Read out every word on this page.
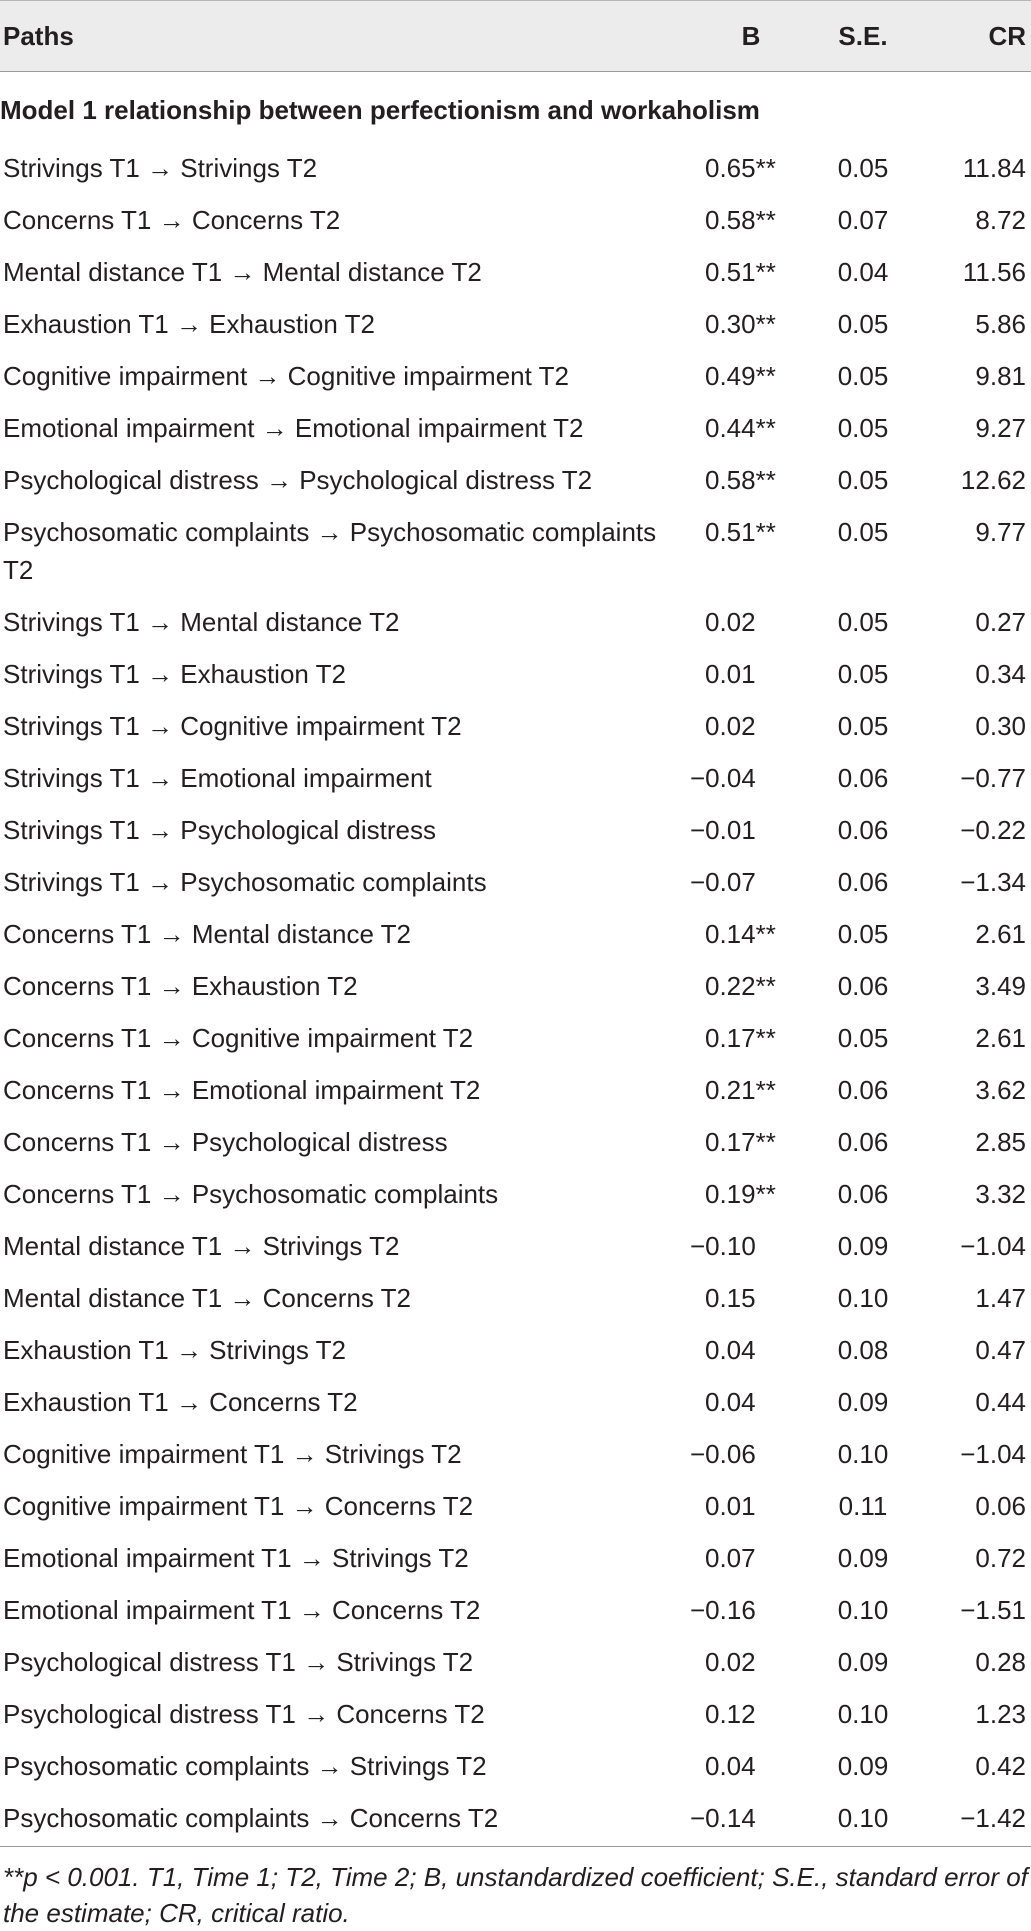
Paths	B	S.E.	CR
Model 1 relationship between perfectionism and workaholism			
Strivings T1 → Strivings T2	0.65**	0.05	11.84
Concerns T1 → Concerns T2	0.58**	0.07	8.72
Mental distance T1 → Mental distance T2	0.51**	0.04	11.56
Exhaustion T1 → Exhaustion T2	0.30**	0.05	5.86
Cognitive impairment → Cognitive impairment T2	0.49**	0.05	9.81
Emotional impairment → Emotional impairment T2	0.44**	0.05	9.27
Psychological distress → Psychological distress T2	0.58**	0.05	12.62
Psychosomatic complaints → Psychosomatic complaints T2	0.51**	0.05	9.77
Strivings T1 → Mental distance T2	0.02	0.05	0.27
Strivings T1 → Exhaustion T2	0.01	0.05	0.34
Strivings T1 → Cognitive impairment T2	0.02	0.05	0.30
Strivings T1 → Emotional impairment	−0.04	0.06	−0.77
Strivings T1 → Psychological distress	−0.01	0.06	−0.22
Strivings T1 → Psychosomatic complaints	−0.07	0.06	−1.34
Concerns T1 → Mental distance T2	0.14**	0.05	2.61
Concerns T1 → Exhaustion T2	0.22**	0.06	3.49
Concerns T1 → Cognitive impairment T2	0.17**	0.05	2.61
Concerns T1 → Emotional impairment T2	0.21**	0.06	3.62
Concerns T1 → Psychological distress	0.17**	0.06	2.85
Concerns T1 → Psychosomatic complaints	0.19**	0.06	3.32
Mental distance T1 → Strivings T2	−0.10	0.09	−1.04
Mental distance T1 → Concerns T2	0.15	0.10	1.47
Exhaustion T1 → Strivings T2	0.04	0.08	0.47
Exhaustion T1 → Concerns T2	0.04	0.09	0.44
Cognitive impairment T1 → Strivings T2	−0.06	0.10	−1.04
Cognitive impairment T1 → Concerns T2	0.01	0.11	0.06
Emotional impairment T1 → Strivings T2	0.07	0.09	0.72
Emotional impairment T1 → Concerns T2	−0.16	0.10	−1.51
Psychological distress T1 → Strivings T2	0.02	0.09	0.28
Psychological distress T1 → Concerns T2	0.12	0.10	1.23
Psychosomatic complaints → Strivings T2	0.04	0.09	0.42
Psychosomatic complaints → Concerns T2	−0.14	0.10	−1.42
**p < 0.001. T1, Time 1; T2, Time 2; B, unstandardized coefficient; S.E., standard error of the estimate; CR, critical ratio.			
